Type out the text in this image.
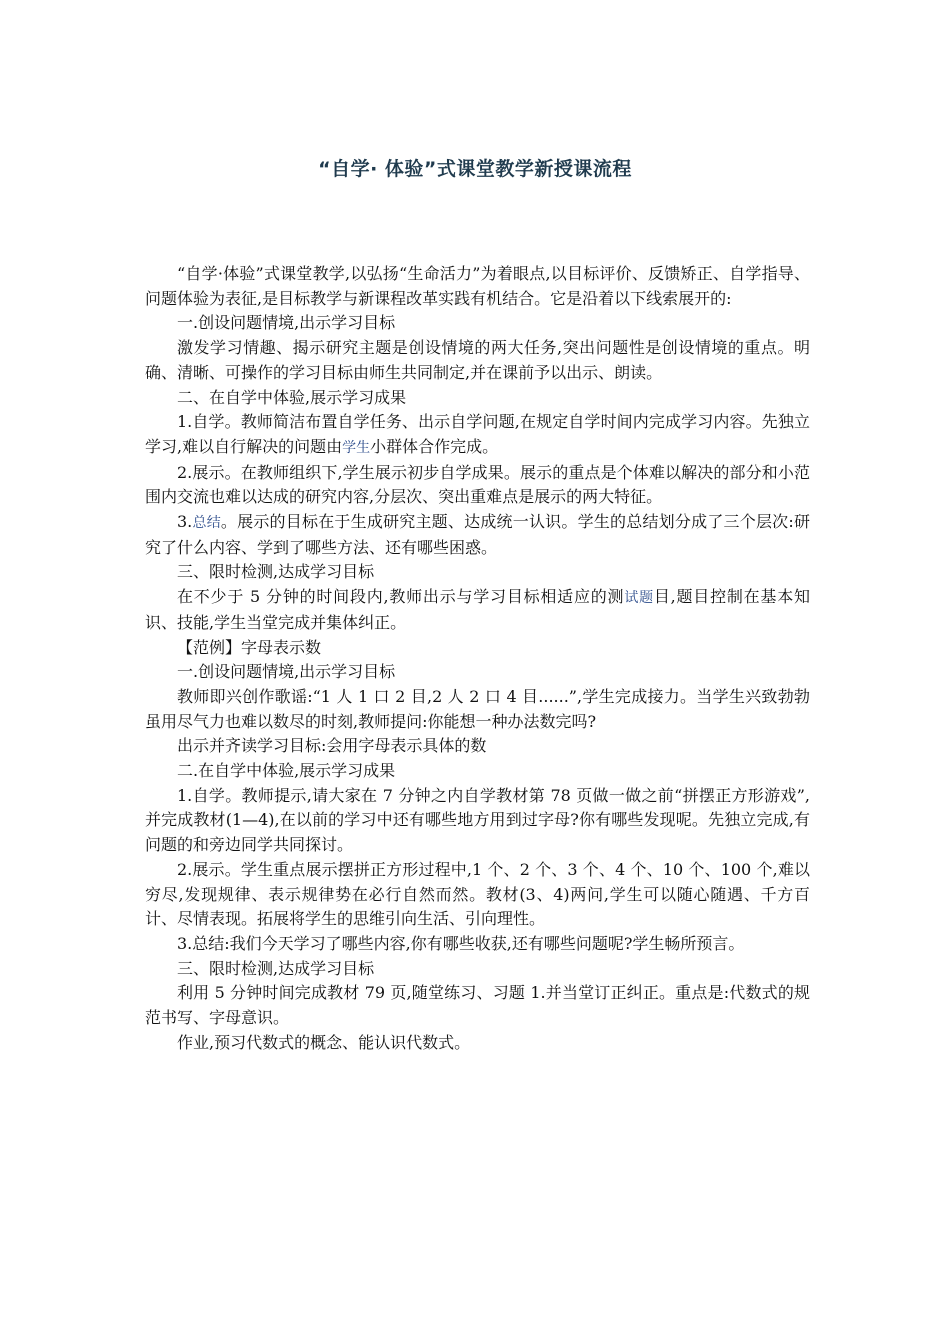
“自学· 体验”式课堂教学新授课流程

“自学·体验”式课堂教学,以弘扬“生命活力”为着眼点,以目标评价、反馈矫正、自学指导、问题体验为表征,是目标教学与新课程改革实践有机结合。它是沿着以下线索展开的:

一.创设问题情境,出示学习目标

激发学习情趣、揭示研究主题是创设情境的两大任务,突出问题性是创设情境的重点。明确、清晰、可操作的学习目标由师生共同制定,并在课前予以出示、朗读。

二、在自学中体验,展示学习成果

1.自学。教师简洁布置自学任务、出示自学问题,在规定自学时间内完成学习内容。先独立学习,难以自行解决的问题由学生小群体合作完成。

2.展示。在教师组织下,学生展示初步自学成果。展示的重点是个体难以解决的部分和小范围内交流也难以达成的研究内容,分层次、突出重难点是展示的两大特征。

3.总结。展示的目标在于生成研究主题、达成统一认识。学生的总结划分成了三个层次:研究了什么内容、学到了哪些方法、还有哪些困惑。

三、限时检测,达成学习目标

在不少于 5 分钟的时间段内,教师出示与学习目标相适应的测试题目,题目控制在基本知识、技能,学生当堂完成并集体纠正。

【范例】字母表示数

一.创设问题情境,出示学习目标

教师即兴创作歌谣:“1 人 1 口 2 目,2 人 2 口 4 目......”,学生完成接力。当学生兴致勃勃虽用尽气力也难以数尽的时刻,教师提问:你能想一种办法数完吗?

出示并齐读学习目标:会用字母表示具体的数

二.在自学中体验,展示学习成果

1.自学。教师提示,请大家在 7 分钟之内自学教材第 78 页做一做之前“拼摆正方形游戏”,并完成教材(1—4),在以前的学习中还有哪些地方用到过字母?你有哪些发现呢。先独立完成,有问题的和旁边同学共同探讨。

2.展示。学生重点展示摆拼正方形过程中,1 个、2 个、3 个、4 个、10 个、100 个,难以穷尽,发现规律、表示规律势在必行自然而然。教材(3、4)两问,学生可以随心随遇、千方百计、尽情表现。拓展将学生的思维引向生活、引向理性。

3.总结:我们今天学习了哪些内容,你有哪些收获,还有哪些问题呢?学生畅所预言。

三、限时检测,达成学习目标

利用 5 分钟时间完成教材 79 页,随堂练习、习题 1.并当堂订正纠正。重点是:代数式的规范书写、字母意识。

作业,预习代数式的概念、能认识代数式。
